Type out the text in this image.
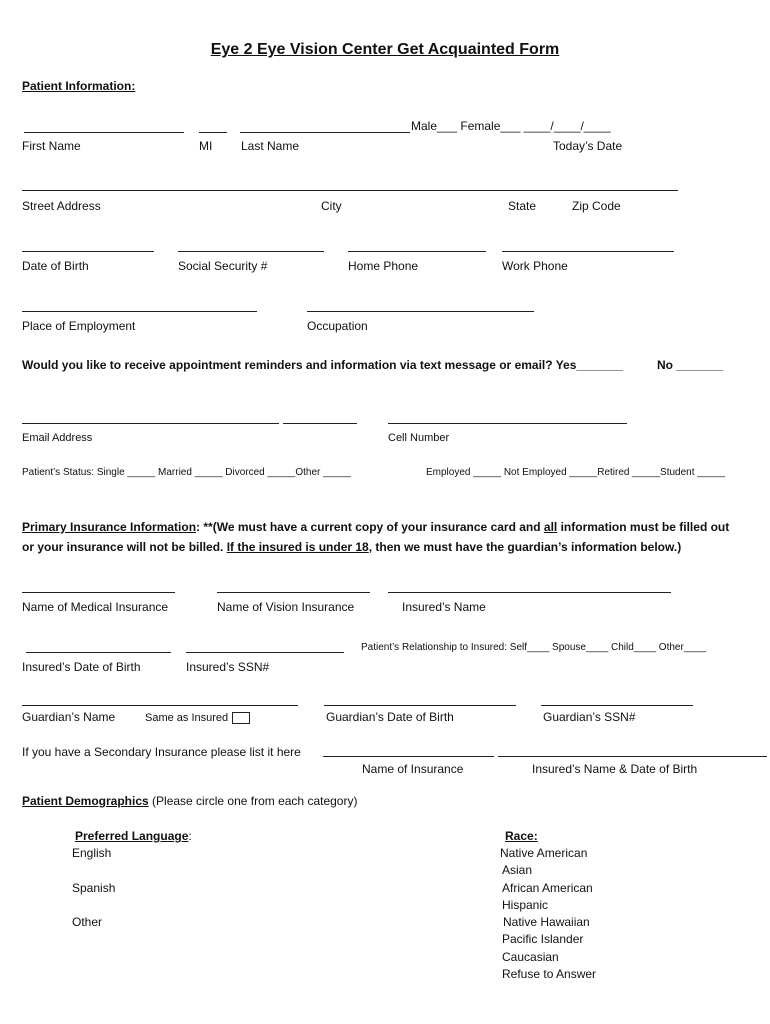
Eye 2 Eye Vision Center Get Acquainted Form
Patient Information:
Male___ Female___ ____/____/____
First Name	MI Last Name	Today’s Date
Street Address	City	State	Zip Code
Date of Birth	Social Security #	Home Phone	Work Phone
Place of Employment	Occupation
Would you like to receive appointment reminders and information via text message or email? Yes_______	No _______
Email Address	Cell Number
Patient’s Status: Single _____ Married _____ Divorced _____Other _____	Employed _____ Not Employed _____Retired _____Student _____
Primary Insurance Information: **(We must have a current copy of your insurance card and all information must be filled out
or your insurance will not be billed. If the insured is under 18, then we must have the guardian’s information below.)
Name of Medical Insurance	Name of Vision Insurance	Insured’s Name
Patient’s Relationship to Insured: Self____ Spouse____ Child____ Other____
Insured’s Date of Birth	Insured’s SSN#
Guardian’s Name	Same as Insured	Guardian’s Date of Birth	Guardian’s SSN#
If you have a Secondary Insurance please list it here
Name of Insurance	Insured’s Name & Date of Birth
Patient Demographics (Please circle one from each category)
Preferred Language:
English
Spanish
Other
Race:
Native American
Asian
African American
Hispanic
Native Hawaiian
Pacific Islander
Caucasian
Refuse to Answer
